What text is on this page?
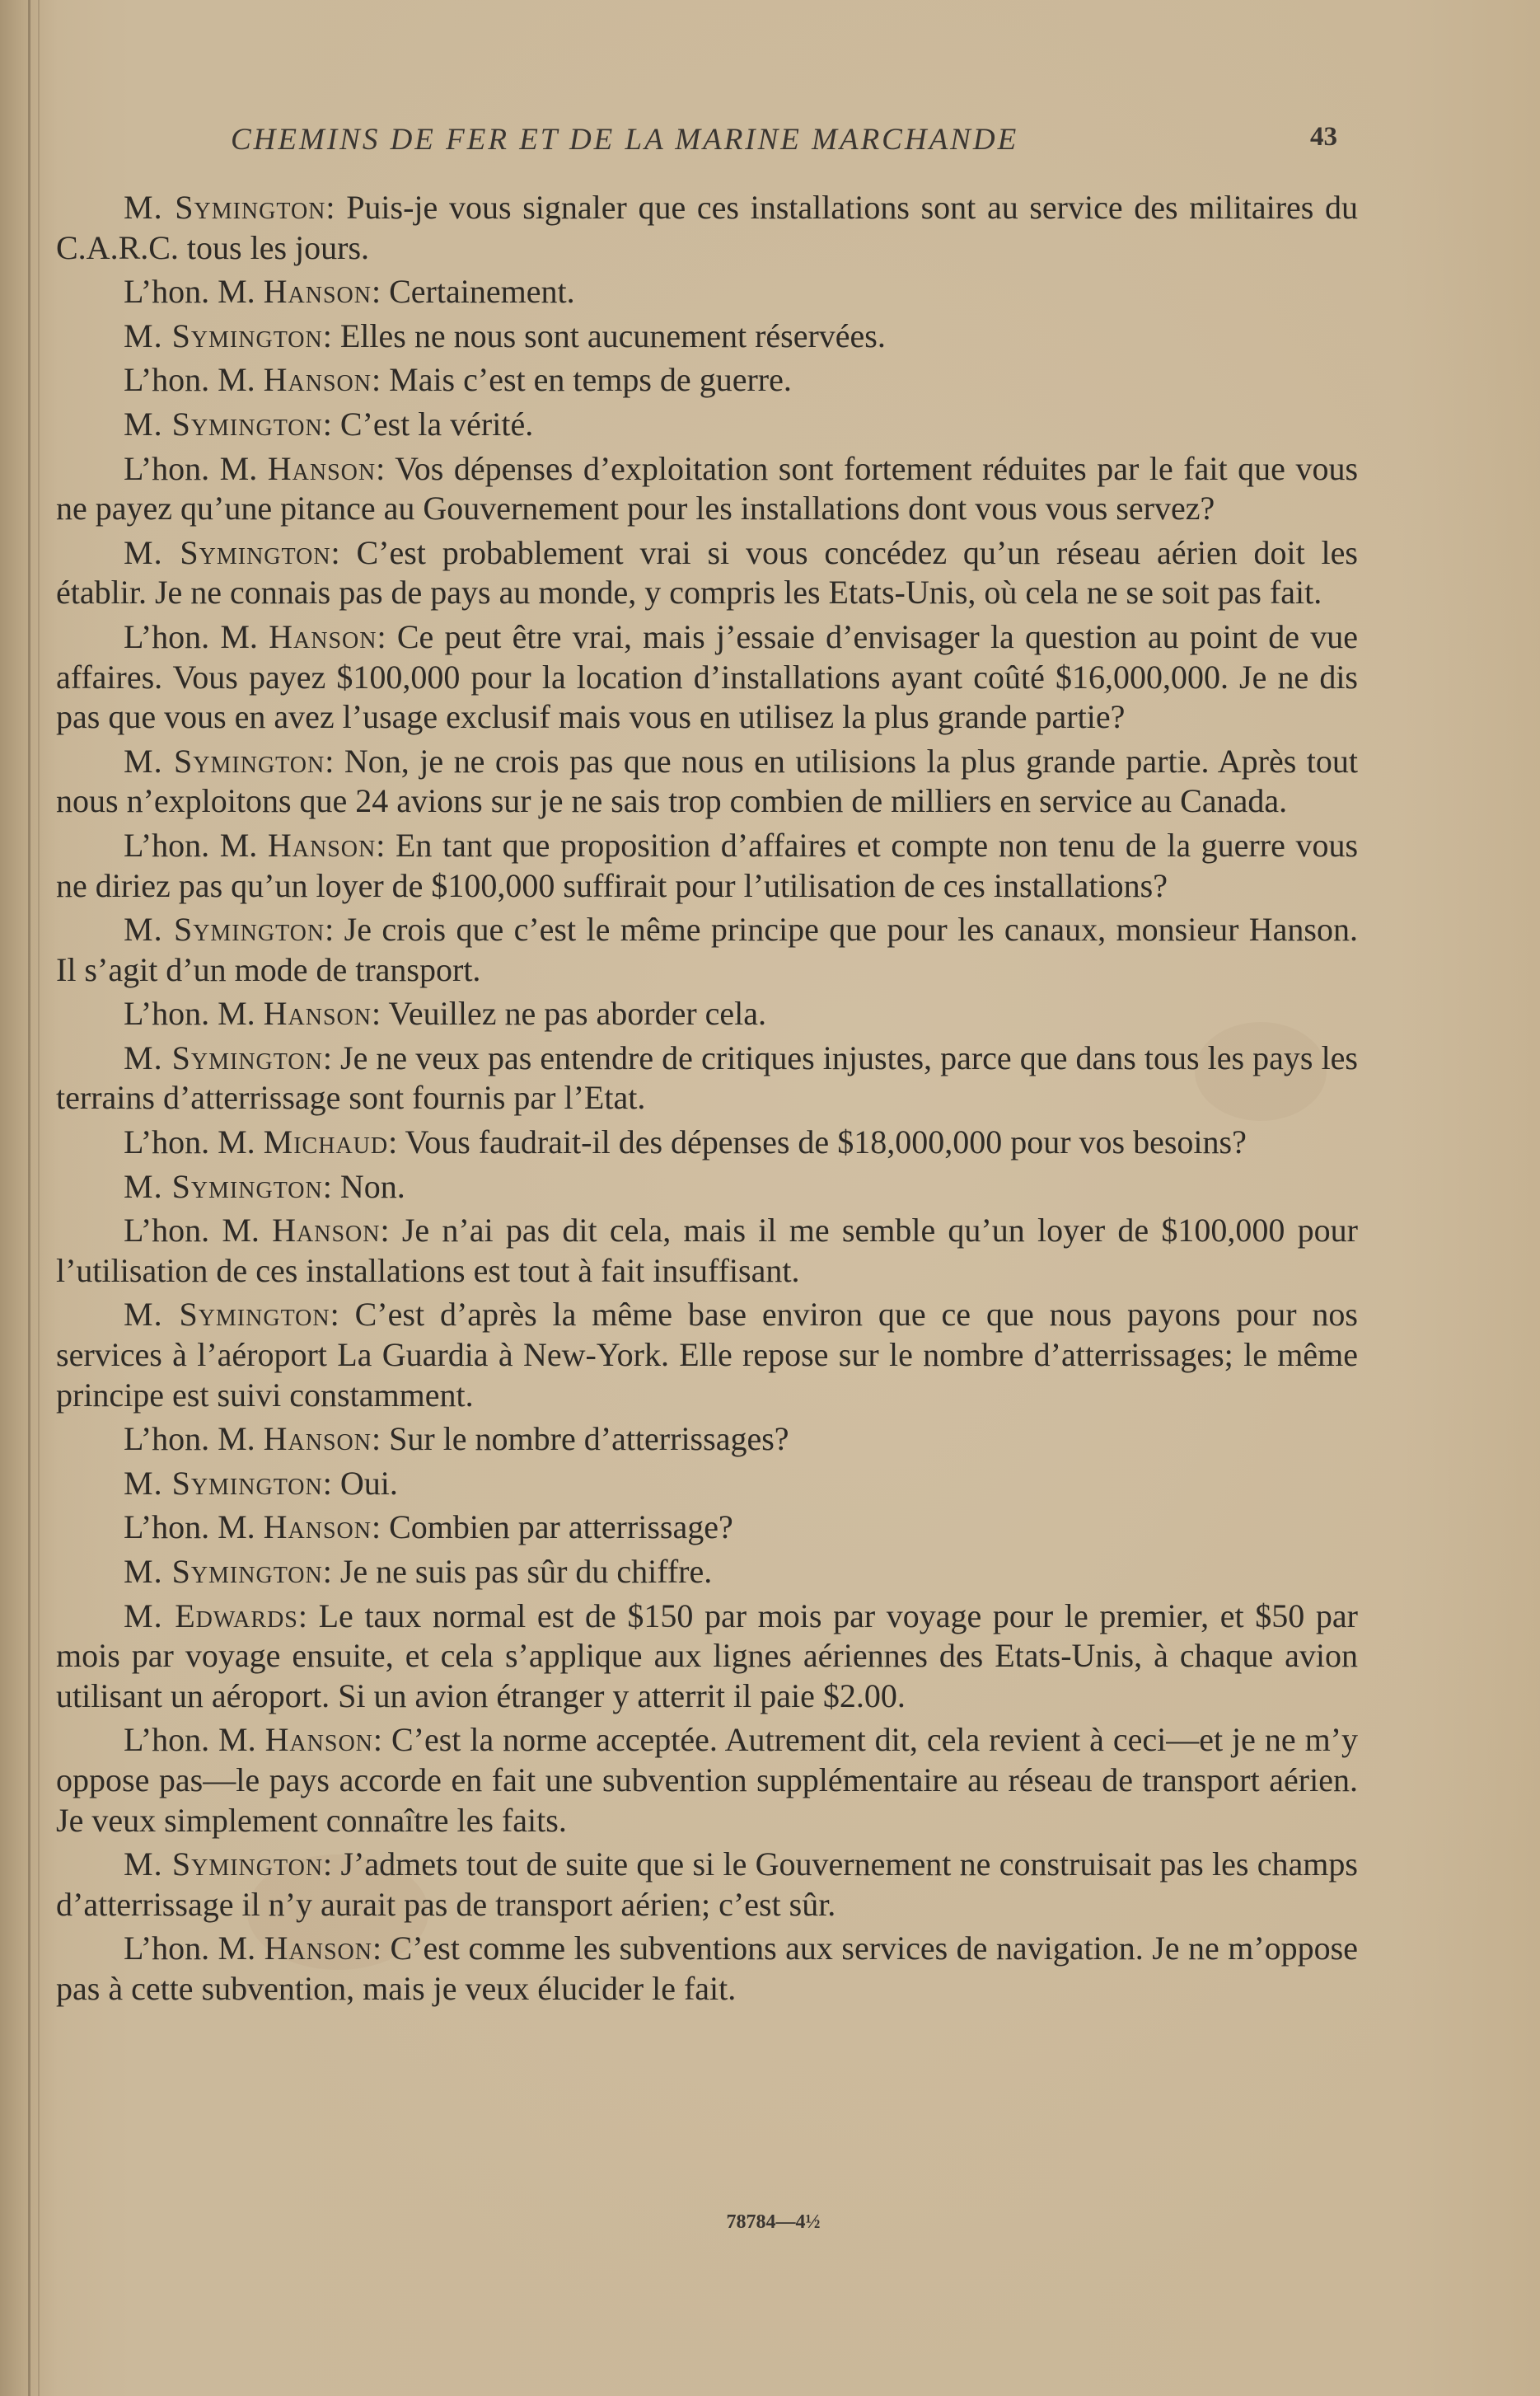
CHEMINS DE FER ET DE LA MARINE MARCHANDE	43

M. Symington: Puis-je vous signaler que ces installations sont au service des militaires du C.A.R.C. tous les jours.

L’hon. M. Hanson: Certainement.

M. Symington: Elles ne nous sont aucunement réservées.

L’hon. M. Hanson: Mais c’est en temps de guerre.

M. Symington: C’est la vérité.

L’hon. M. Hanson: Vos dépenses d’exploitation sont fortement réduites par le fait que vous ne payez qu’une pitance au Gouvernement pour les installations dont vous vous servez?

M. Symington: C’est probablement vrai si vous concédez qu’un réseau aérien doit les établir. Je ne connais pas de pays au monde, y compris les Etats-Unis, où cela ne se soit pas fait.

L’hon. M. Hanson: Ce peut être vrai, mais j’essaie d’envisager la question au point de vue affaires. Vous payez $100,000 pour la location d’installations ayant coûté $16,000,000. Je ne dis pas que vous en avez l’usage exclusif mais vous en utilisez la plus grande partie?

M. Symington: Non, je ne crois pas que nous en utilisions la plus grande partie. Après tout nous n’exploitons que 24 avions sur je ne sais trop combien de milliers en service au Canada.

L’hon. M. Hanson: En tant que proposition d’affaires et compte non tenu de la guerre vous ne diriez pas qu’un loyer de $100,000 suffirait pour l’utilisation de ces installations?

M. Symington: Je crois que c’est le même principe que pour les canaux, monsieur Hanson. Il s’agit d’un mode de transport.

L’hon. M. Hanson: Veuillez ne pas aborder cela.

M. Symington: Je ne veux pas entendre de critiques injustes, parce que dans tous les pays les terrains d’atterrissage sont fournis par l’Etat.

L’hon. M. Michaud: Vous faudrait-il des dépenses de $18,000,000 pour vos besoins?

M. Symington: Non.

L’hon. M. Hanson: Je n’ai pas dit cela, mais il me semble qu’un loyer de $100,000 pour l’utilisation de ces installations est tout à fait insuffisant.

M. Symington: C’est d’après la même base environ que ce que nous payons pour nos services à l’aéroport La Guardia à New-York. Elle repose sur le nombre d’atterrissages; le même principe est suivi constamment.

L’hon. M. Hanson: Sur le nombre d’atterrissages?

M. Symington: Oui.

L’hon. M. Hanson: Combien par atterrissage?

M. Symington: Je ne suis pas sûr du chiffre.

M. Edwards: Le taux normal est de $150 par mois par voyage pour le premier, et $50 par mois par voyage ensuite, et cela s’applique aux lignes aériennes des Etats-Unis, à chaque avion utilisant un aéroport. Si un avion étranger y atterrit il paie $2.00.

L’hon. M. Hanson: C’est la norme acceptée. Autrement dit, cela revient à ceci—et je ne m’y oppose pas—le pays accorde en fait une subvention supplémentaire au réseau de transport aérien. Je veux simplement connaître les faits.

M. Symington: J’admets tout de suite que si le Gouvernement ne construisait pas les champs d’atterrissage il n’y aurait pas de transport aérien; c’est sûr.

L’hon. M. Hanson: C’est comme les subventions aux services de navigation. Je ne m’oppose pas à cette subvention, mais je veux élucider le fait.

78784—4½
